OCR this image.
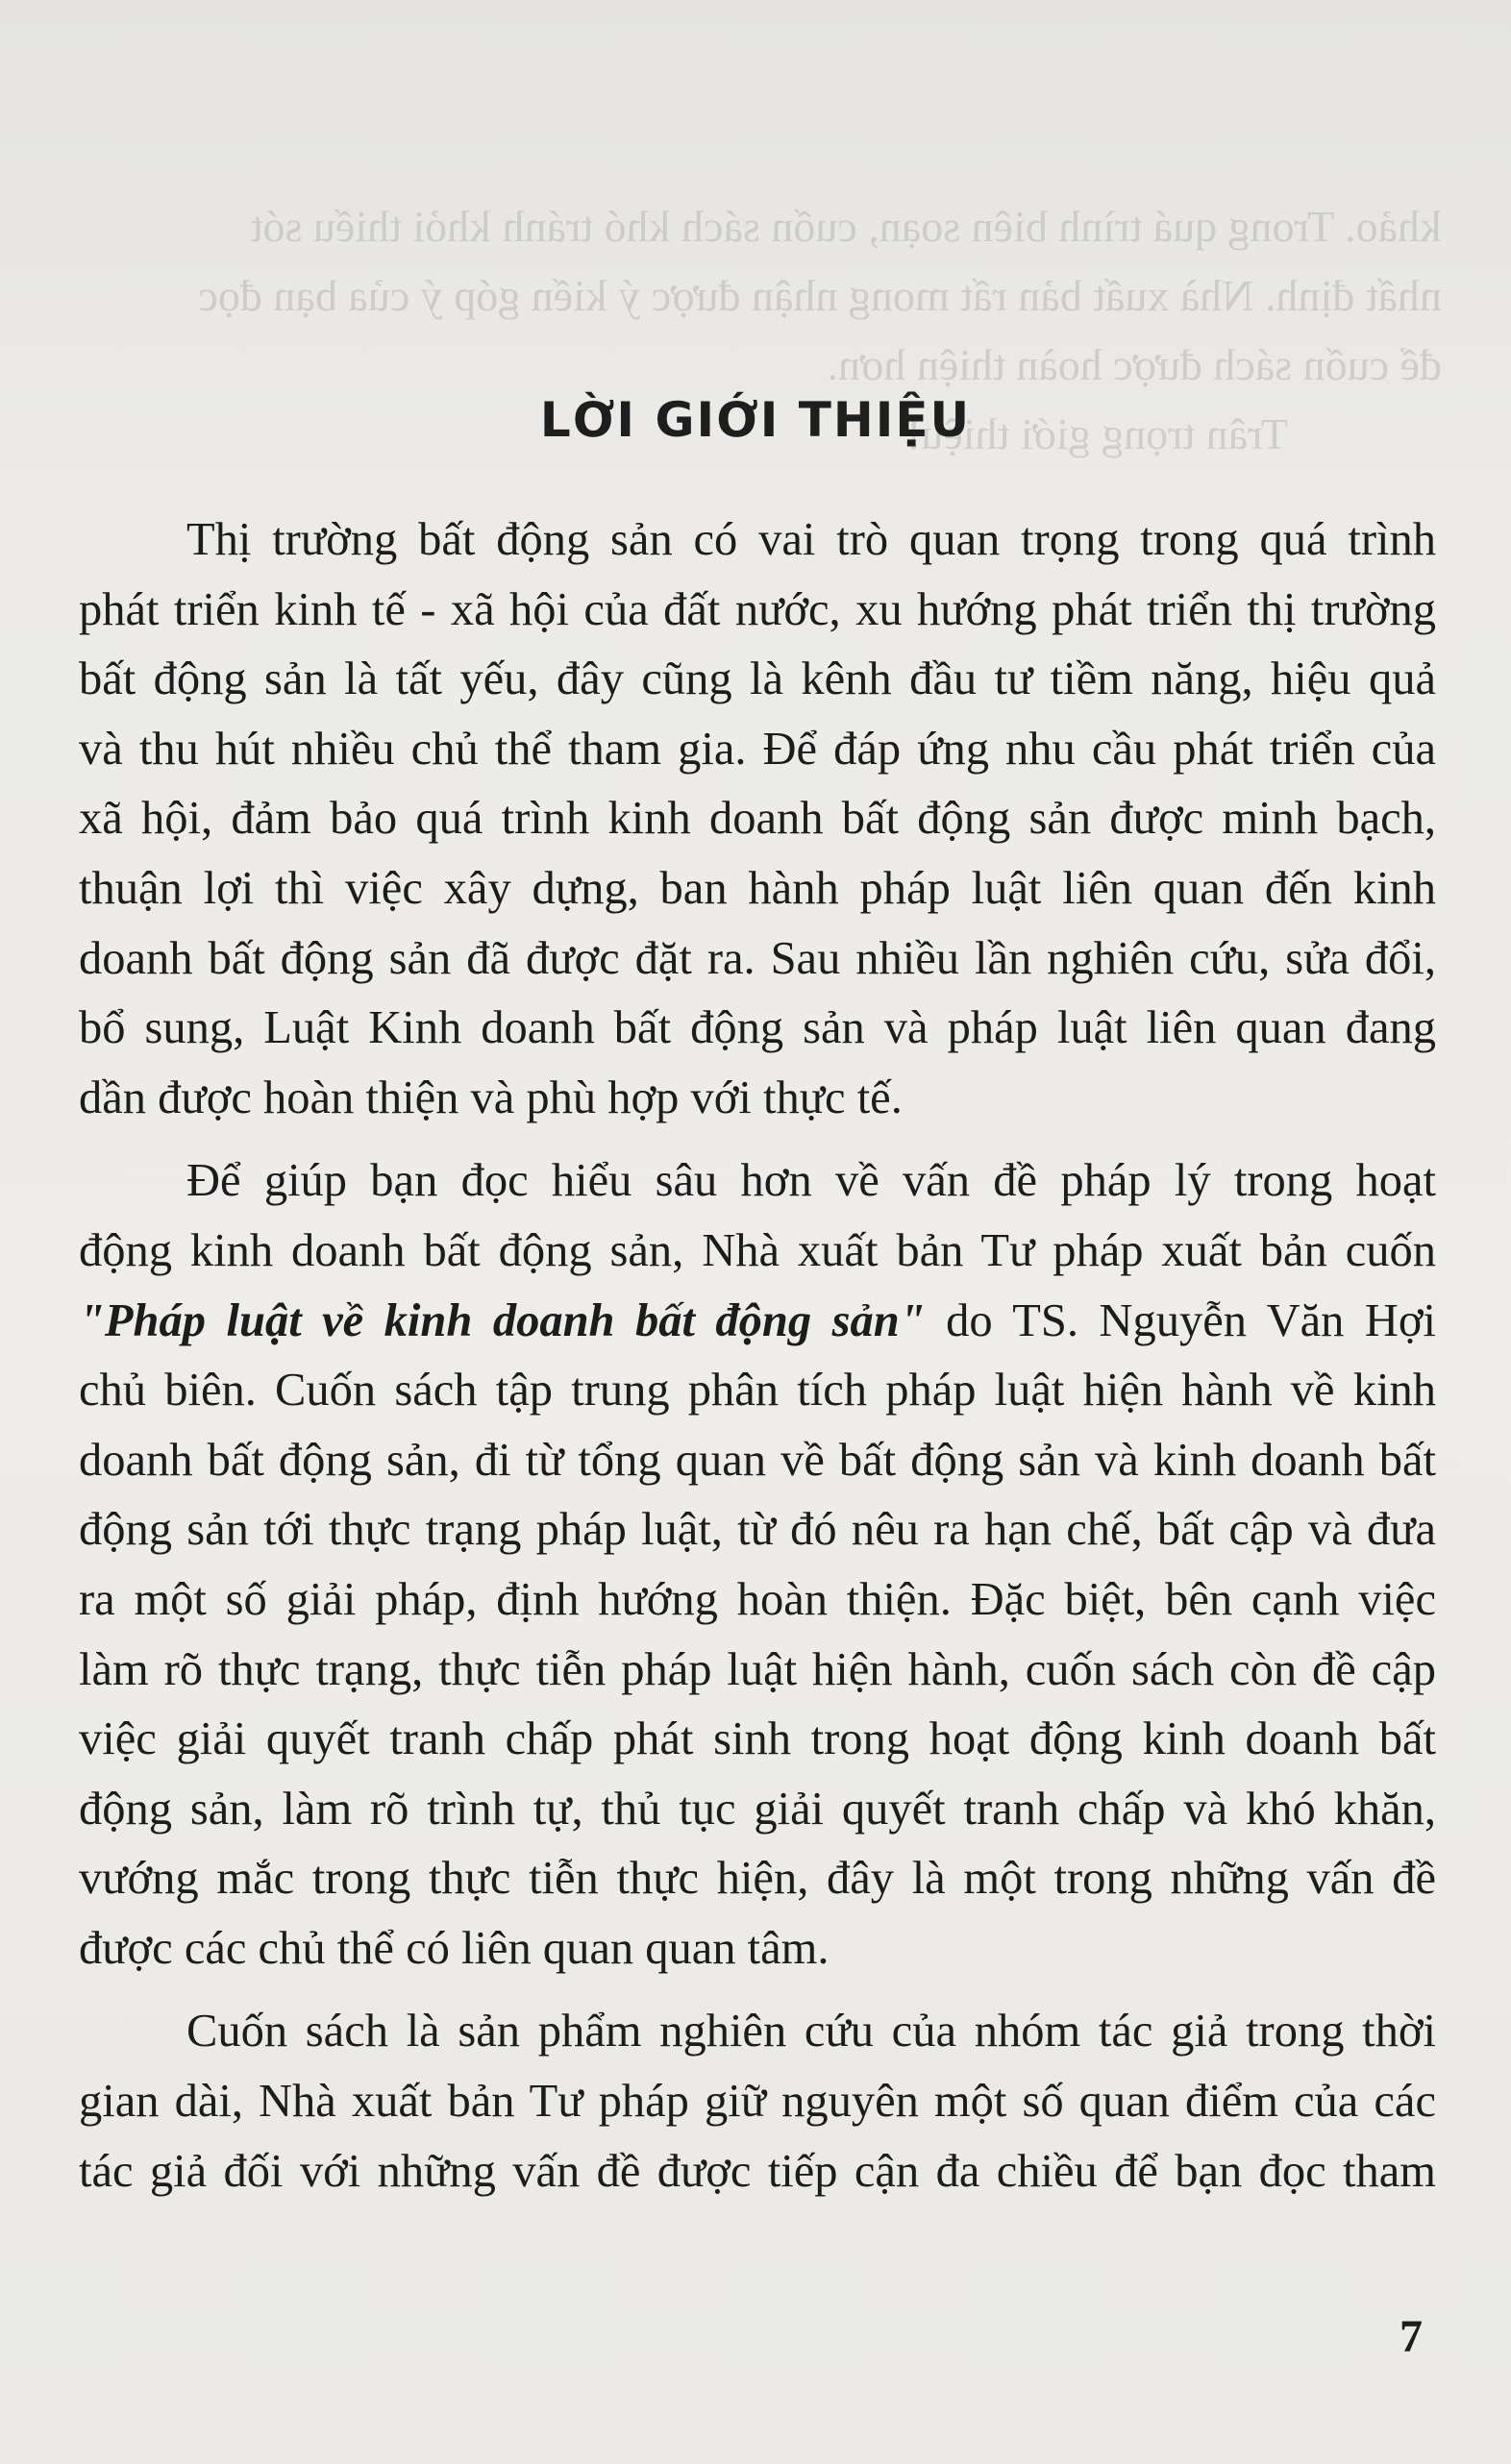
khảo. Trong quá trình biên soạn, cuốn sách khó tránh khỏi thiếu sót
nhất định. Nhà xuất bản rất mong nhận được ý kiến góp ý của bạn đọc
để cuốn sách được hoàn thiện hơn.
Trân trọng giới thiệu!
LỜI GIỚI THIỆU
Thị trường bất động sản có vai trò quan trọng trong quá trình
phát triển kinh tế - xã hội của đất nước, xu hướng phát triển thị trường
bất động sản là tất yếu, đây cũng là kênh đầu tư tiềm năng, hiệu quả
và thu hút nhiều chủ thể tham gia. Để đáp ứng nhu cầu phát triển của
xã hội, đảm bảo quá trình kinh doanh bất động sản được minh bạch,
thuận lợi thì việc xây dựng, ban hành pháp luật liên quan đến kinh
doanh bất động sản đã được đặt ra. Sau nhiều lần nghiên cứu, sửa đổi,
bổ sung, Luật Kinh doanh bất động sản và pháp luật liên quan đang
dần được hoàn thiện và phù hợp với thực tế.
Để giúp bạn đọc hiểu sâu hơn về vấn đề pháp lý trong hoạt
động kinh doanh bất động sản, Nhà xuất bản Tư pháp xuất bản cuốn
"Pháp luật về kinh doanh bất động sản" do TS. Nguyễn Văn Hợi
chủ biên. Cuốn sách tập trung phân tích pháp luật hiện hành về kinh
doanh bất động sản, đi từ tổng quan về bất động sản và kinh doanh bất
động sản tới thực trạng pháp luật, từ đó nêu ra hạn chế, bất cập và đưa
ra một số giải pháp, định hướng hoàn thiện. Đặc biệt, bên cạnh việc
làm rõ thực trạng, thực tiễn pháp luật hiện hành, cuốn sách còn đề cập
việc giải quyết tranh chấp phát sinh trong hoạt động kinh doanh bất
động sản, làm rõ trình tự, thủ tục giải quyết tranh chấp và khó khăn,
vướng mắc trong thực tiễn thực hiện, đây là một trong những vấn đề
được các chủ thể có liên quan quan tâm.
Cuốn sách là sản phẩm nghiên cứu của nhóm tác giả trong thời
gian dài, Nhà xuất bản Tư pháp giữ nguyên một số quan điểm của các
tác giả đối với những vấn đề được tiếp cận đa chiều để bạn đọc tham
7
